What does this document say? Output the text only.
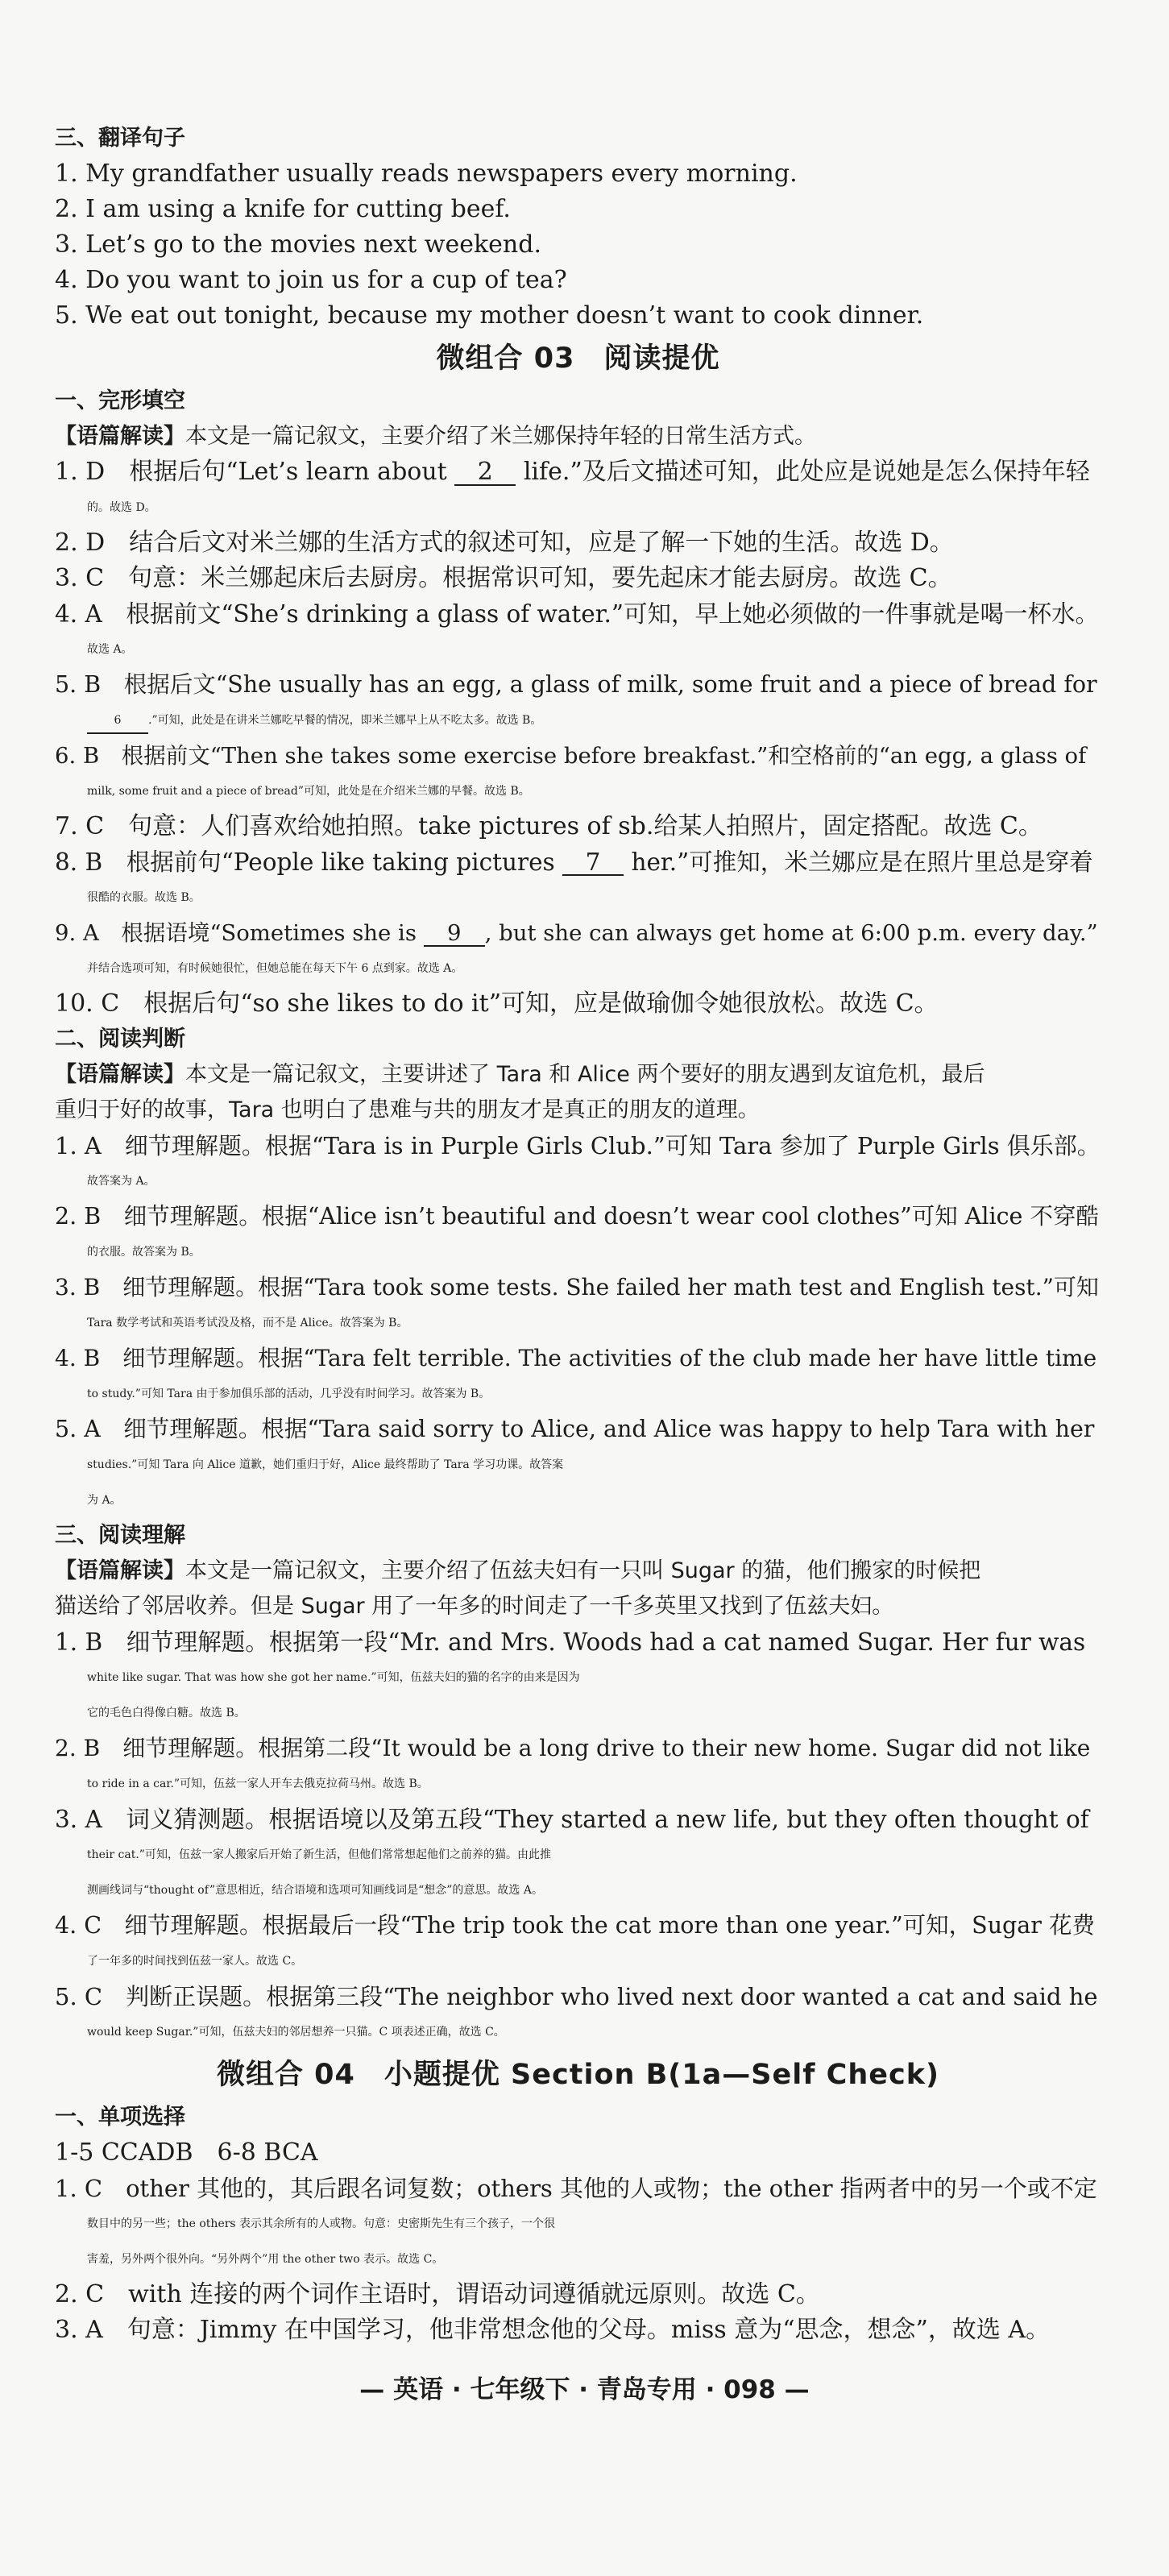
三、翻译句子
1. My grandfather usually reads newspapers every morning.
2. I am using a knife for cutting beef.
3. Let’s go to the movies next weekend.
4. Do you want to join us for a cup of tea?
5. We eat out tonight, because my mother doesn’t want to cook dinner.
微组合 03　阅读提优
一、完形填空
【语篇解读】本文是一篇记叙文，主要介绍了米兰娜保持年轻的日常生活方式。
1. D　根据后句“Let’s learn about 2 life.”及后文描述可知，此处应是说她是怎么保持年轻
的。故选 D。
2. D　结合后文对米兰娜的生活方式的叙述可知，应是了解一下她的生活。故选 D。
3. C　句意：米兰娜起床后去厨房。根据常识可知，要先起床才能去厨房。故选 C。
4. A　根据前文“She’s drinking a glass of water.”可知，早上她必须做的一件事就是喝一杯水。
故选 A。
5. B　根据后文“She usually has an egg, a glass of milk, some fruit and a piece of bread for
6 .”可知，此处是在讲米兰娜吃早餐的情况，即米兰娜早上从不吃太多。故选 B。
6. B　根据前文“Then she takes some exercise before breakfast.”和空格前的“an egg, a glass of
milk, some fruit and a piece of bread”可知，此处是在介绍米兰娜的早餐。故选 B。
7. C　句意：人们喜欢给她拍照。take pictures of sb.给某人拍照片，固定搭配。故选 C。
8. B　根据前句“People like taking pictures 7 her.”可推知，米兰娜应是在照片里总是穿着
很酷的衣服。故选 B。
9. A　根据语境“Sometimes she is 9 , but she can always get home at 6:00 p.m. every day.”
并结合选项可知，有时候她很忙，但她总能在每天下午 6 点到家。故选 A。
10. C　根据后句“so she likes to do it”可知，应是做瑜伽令她很放松。故选 C。
二、阅读判断
【语篇解读】本文是一篇记叙文，主要讲述了 Tara 和 Alice 两个要好的朋友遇到友谊危机，最后
重归于好的故事，Tara 也明白了患难与共的朋友才是真正的朋友的道理。
1. A　细节理解题。根据“Tara is in Purple Girls Club.”可知 Tara 参加了 Purple Girls 俱乐部。
故答案为 A。
2. B　细节理解题。根据“Alice isn’t beautiful and doesn’t wear cool clothes”可知 Alice 不穿酷
的衣服。故答案为 B。
3. B　细节理解题。根据“Tara took some tests. She failed her math test and English test.”可知
Tara 数学考试和英语考试没及格，而不是 Alice。故答案为 B。
4. B　细节理解题。根据“Tara felt terrible. The activities of the club made her have little time
to study.”可知 Tara 由于参加俱乐部的活动，几乎没有时间学习。故答案为 B。
5. A　细节理解题。根据“Tara said sorry to Alice, and Alice was happy to help Tara with her
studies.”可知 Tara 向 Alice 道歉，她们重归于好，Alice 最终帮助了 Tara 学习功课。故答案
为 A。
三、阅读理解
【语篇解读】本文是一篇记叙文，主要介绍了伍兹夫妇有一只叫 Sugar 的猫，他们搬家的时候把
猫送给了邻居收养。但是 Sugar 用了一年多的时间走了一千多英里又找到了伍兹夫妇。
1. B　细节理解题。根据第一段“Mr. and Mrs. Woods had a cat named Sugar. Her fur was
white like sugar. That was how she got her name.”可知，伍兹夫妇的猫的名字的由来是因为
它的毛色白得像白糖。故选 B。
2. B　细节理解题。根据第二段“It would be a long drive to their new home. Sugar did not like
to ride in a car.”可知，伍兹一家人开车去俄克拉荷马州。故选 B。
3. A　词义猜测题。根据语境以及第五段“They started a new life, but they often thought of
their cat.”可知，伍兹一家人搬家后开始了新生活，但他们常常想起他们之前养的猫。由此推
测画线词与“thought of”意思相近，结合语境和选项可知画线词是“想念”的意思。故选 A。
4. C　细节理解题。根据最后一段“The trip took the cat more than one year.”可知，Sugar 花费
了一年多的时间找到伍兹一家人。故选 C。
5. C　判断正误题。根据第三段“The neighbor who lived next door wanted a cat and said he
would keep Sugar.”可知，伍兹夫妇的邻居想养一只猫。C 项表述正确，故选 C。
微组合 04　小题提优 Section B(1a—Self Check)
一、单项选择
1-5 CCADB　6-8 BCA
1. C　other 其他的，其后跟名词复数；others 其他的人或物；the other 指两者中的另一个或不定
数目中的另一些；the others 表示其余所有的人或物。句意：史密斯先生有三个孩子，一个很
害羞，另外两个很外向。“另外两个”用 the other two 表示。故选 C。
2. C　with 连接的两个词作主语时，谓语动词遵循就远原则。故选 C。
3. A　句意：Jimmy 在中国学习，他非常想念他的父母。miss 意为“思念，想念”，故选 A。
— 英语 · 七年级下 · 青岛专用 · 098 —
